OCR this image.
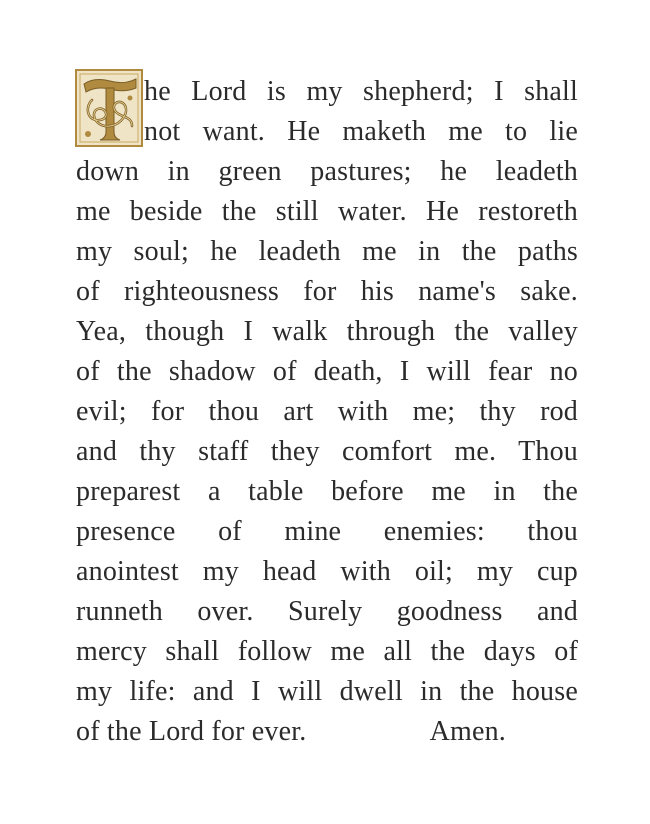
he Lord is my shepherd; I shall
not want. He maketh me to lie
down in green pastures; he leadeth
me beside the still water. He restoreth
my soul; he leadeth me in the paths
of righteousness for his name's sake.
Yea, though I walk through the valley
of the shadow of death, I will fear no
evil; for thou art with me; thy rod
and thy staff they comfort me. Thou
preparest a table before me in the
presence of mine enemies: thou
anointest my head with oil; my cup
runneth over. Surely goodness and
mercy shall follow me all the days of
my life: and I will dwell in the house
of the Lord for ever.	Amen.
